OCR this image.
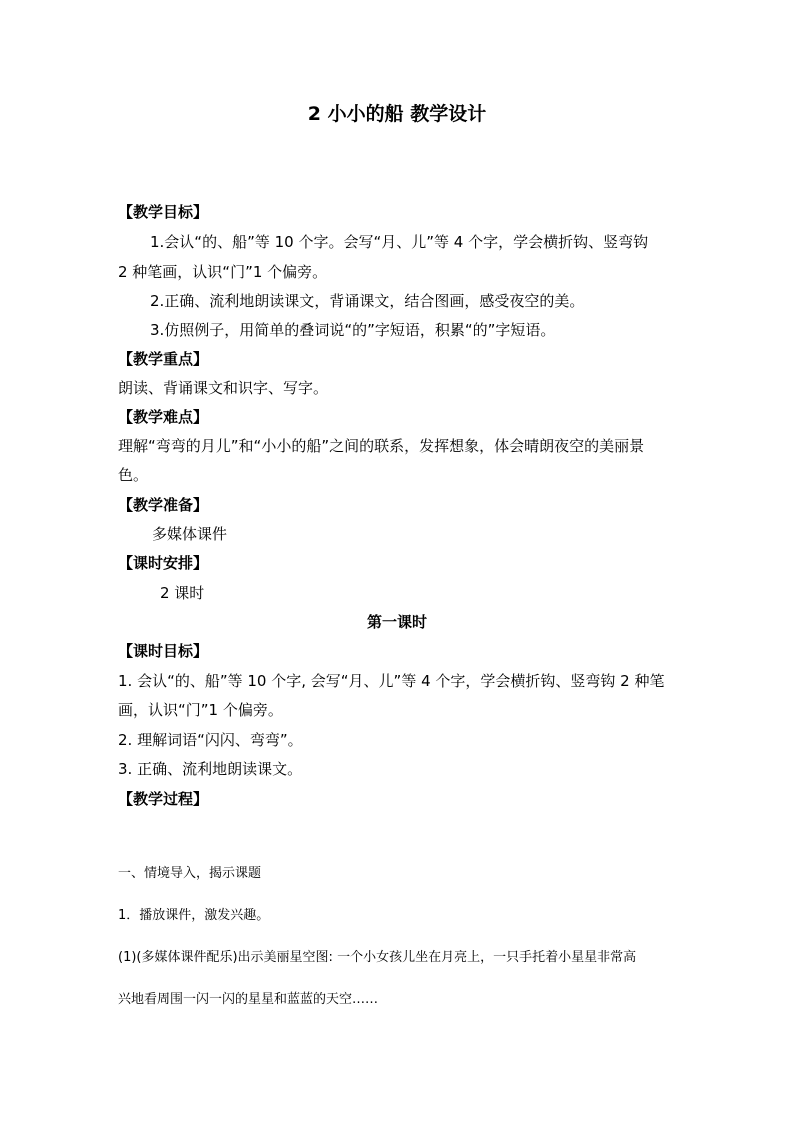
2 小小的船 教学设计
【教学目标】
1.会认“的、船”等 10 个字。会写“月、儿”等 4 个字，学会横折钩、竖弯钩
2 种笔画，认识“门”1 个偏旁。
2.正确、流利地朗读课文，背诵课文，结合图画，感受夜空的美。
3.仿照例子，用简单的叠词说“的”字短语，积累“的”字短语。
【教学重点】
朗读、背诵课文和识字、写字。
【教学难点】
理解“弯弯的月儿”和“小小的船”之间的联系，发挥想象，体会晴朗夜空的美丽景
色。
【教学准备】
多媒体课件
【课时安排】
2 课时
第一课时
【课时目标】
1. 会认“的、船”等 10 个字, 会写“月、儿”等 4 个字，学会横折钩、竖弯钩 2 种笔
画，认识“门”1 个偏旁。
2. 理解词语“闪闪、弯弯”。
3. 正确、流利地朗读课文。
【教学过程】
一、情境导入，揭示课题
1．播放课件，激发兴趣。
(1)(多媒体课件配乐)出示美丽星空图: 一个小女孩儿坐在月亮上，一只手托着小星星非常高
兴地看周围一闪一闪的星星和蓝蓝的天空……
